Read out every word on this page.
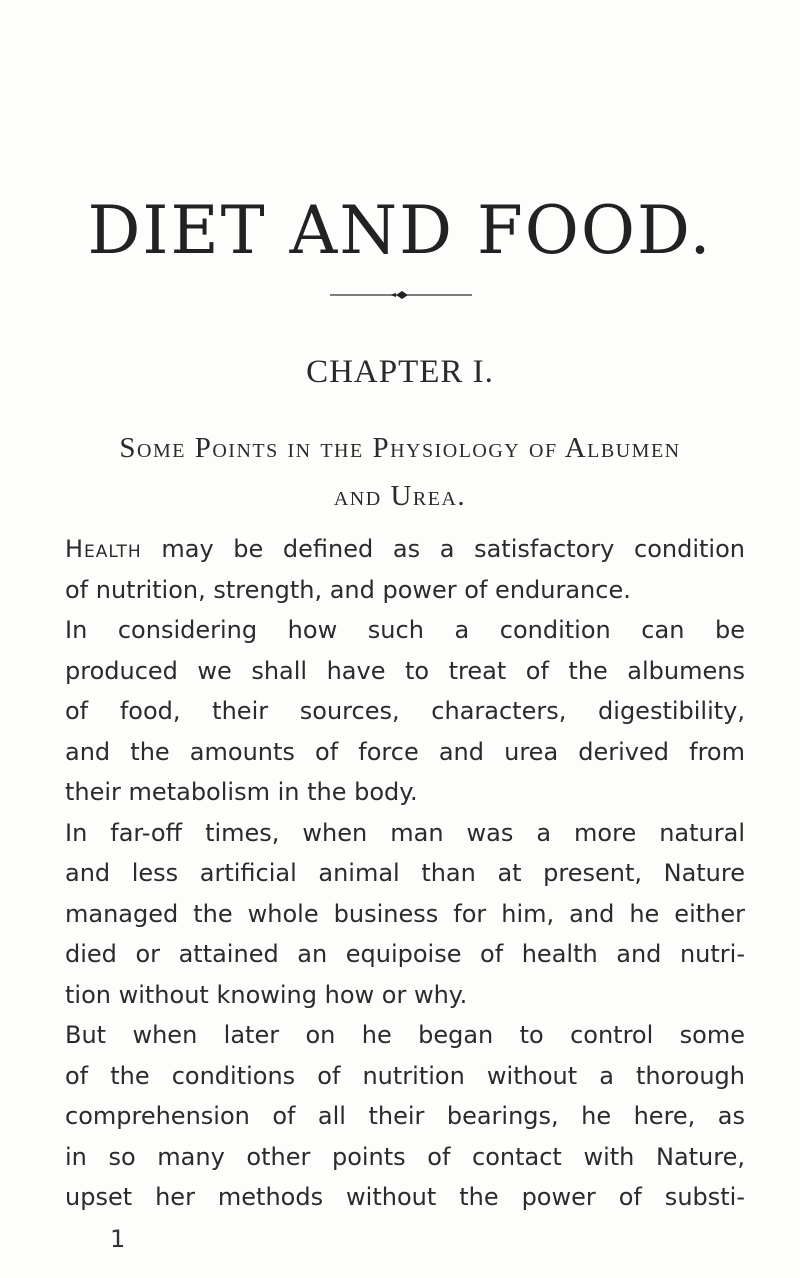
DIET AND FOOD.
CHAPTER I.
Some Points in the Physiology of Albumen
and Urea.
Health may be defined as a satisfactory condition
of nutrition, strength, and power of endurance.
In considering how such a condition can be
produced we shall have to treat of the albumens
of food, their sources, characters, digestibility,
and the amounts of force and urea derived from
their metabolism in the body.
In far-off times, when man was a more natural
and less artificial animal than at present, Nature
managed the whole business for him, and he either
died or attained an equipoise of health and nutri-
tion without knowing how or why.
But when later on he began to control some
of the conditions of nutrition without a thorough
comprehension of all their bearings, he here, as
in so many other points of contact with Nature,
upset her methods without the power of substi-
1
